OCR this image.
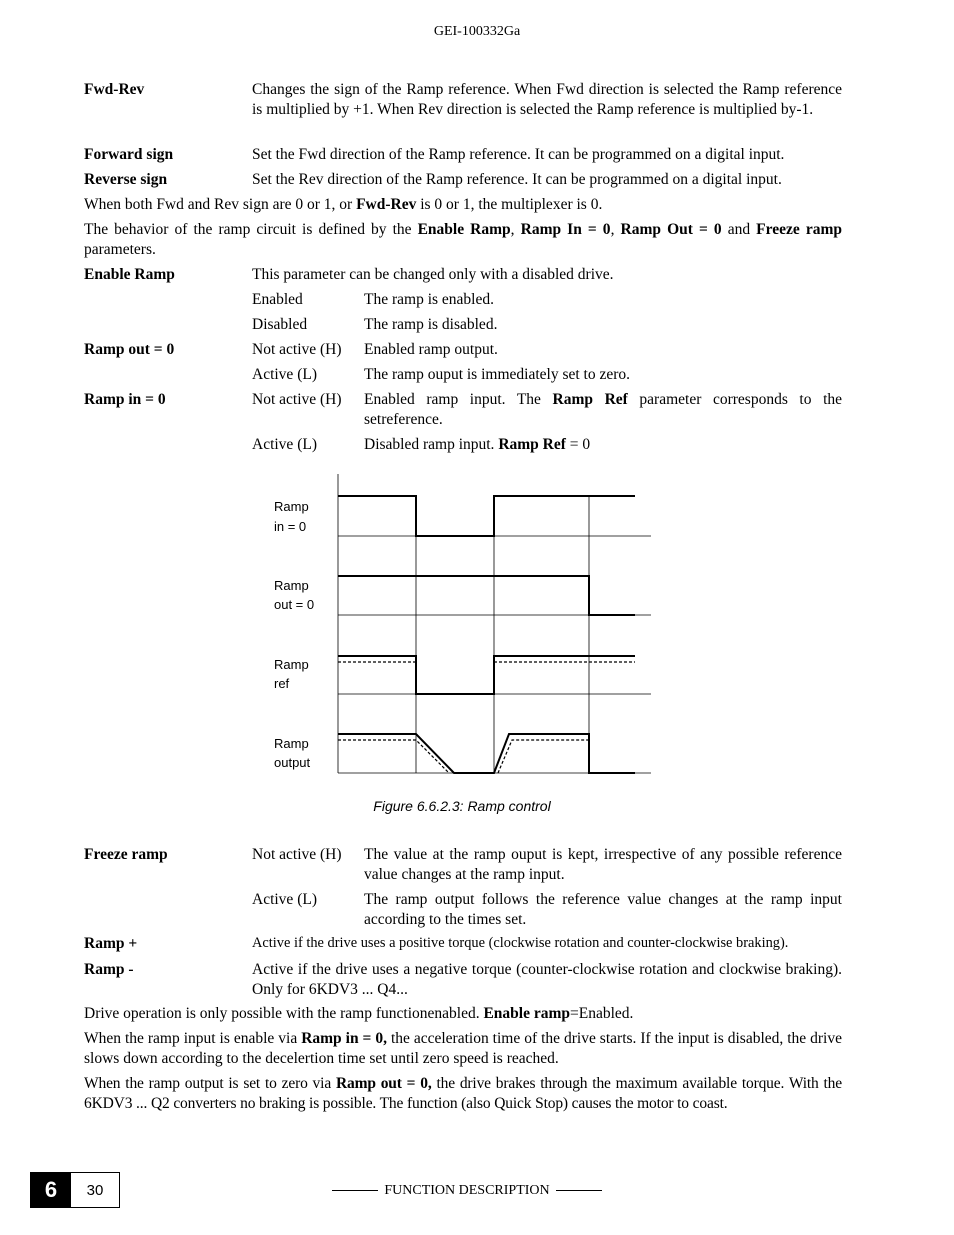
GEI-100332Ga
Fwd-Rev	Changes the sign of the Ramp reference. When Fwd direction is selected the Ramp reference is multiplied by +1. When Rev direction is selected the Ramp reference is multiplied by-1.
Forward sign	Set the Fwd direction of the Ramp reference. It can be programmed on a digital input.
Reverse sign	Set the Rev direction of the Ramp reference. It can be programmed on a digital input.
When both Fwd and Rev sign are 0 or 1, or Fwd-Rev is 0 or 1, the multiplexer is 0.
The behavior of the ramp circuit is defined by the Enable Ramp, Ramp In = 0, Ramp Out = 0 and Freeze ramp parameters.
Enable Ramp	This parameter can be changed only with a disabled drive.
Enabled	The ramp is enabled.
Disabled	The ramp is disabled.
Ramp out = 0	Not active (H)	Enabled ramp output.
Active (L)	The ramp ouput is immediately set to zero.
Ramp in = 0	Not active (H) Enabled ramp input. The Ramp Ref parameter corresponds to the setreference.
Active (L)	Disabled ramp input. Ramp Ref = 0
Ramp
in = 0
Ramp
out = 0
Ramp
ref
Ramp
output
Figure 6.6.2.3: Ramp control
Freeze ramp	Not active (H) The value at the ramp ouput is kept, irrespective of any possible reference value changes at the ramp input.
Active (L)	The ramp output follows the reference value changes at the ramp input according to the times set.
Ramp +	Active if the drive uses a positive torque (clockwise rotation and counter-clockwise braking).
Ramp -	Active if the drive uses a negative torque (counter-clockwise rotation and clockwise braking). Only for 6KDV3 ... Q4...
Drive operation is only possible with the ramp functionenabled. Enable ramp=Enabled.
When the ramp input is enable via Ramp in = 0, the acceleration time of the drive starts. If the input is disabled, the drive slows down according to the decelertion time set until zero speed is reached.
When the ramp output is set to zero via Ramp out = 0, the drive brakes through the maximum available torque. With the 6KDV3 ... Q2 converters no braking is possible. The function (also Quick Stop) causes the motor to coast.
6	30	FUNCTION DESCRIPTION
